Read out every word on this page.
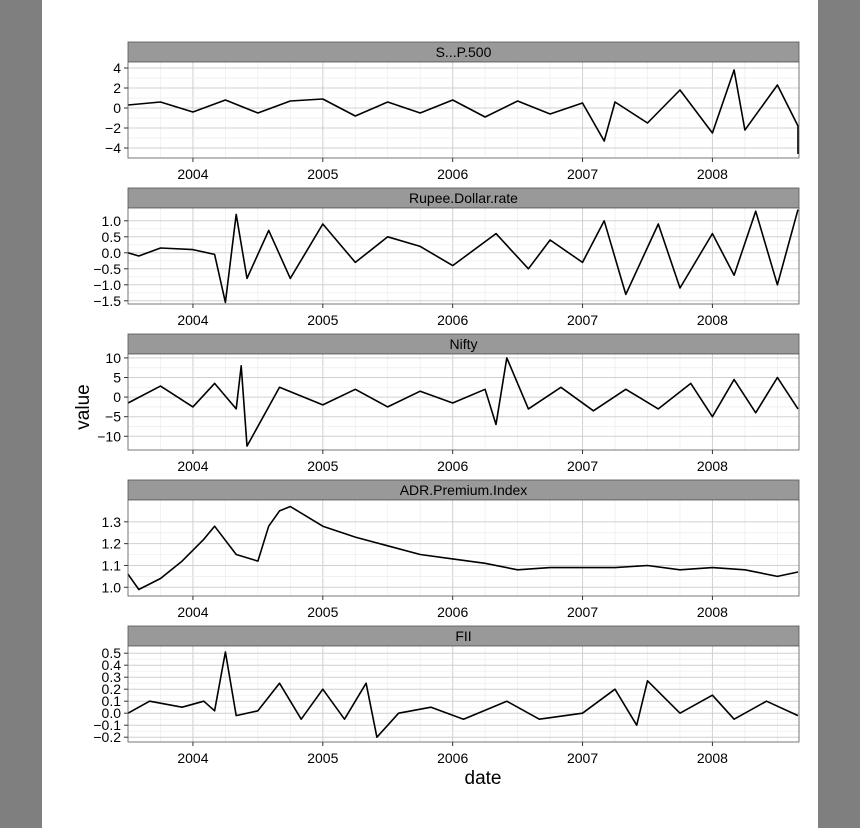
S...P.500
−4
−2
0
2
4
2004	2005	2006	2007	2008
Rupee.Dollar.rate
−1.5
−1.0
−0.5
0.0
0.5
1.0
2004	2005	2006	2007	2008
Nifty
−10
−5
0
5
10
2004	2005	2006	2007	2008
ADR.Premium.Index
1.0
1.1
1.2
1.3
2004	2005	2006	2007	2008
FII
−0.2
−0.1
0.0
0.1
0.2
0.3
0.4
0.5
2004	2005	2006	2007	2008
value
date
